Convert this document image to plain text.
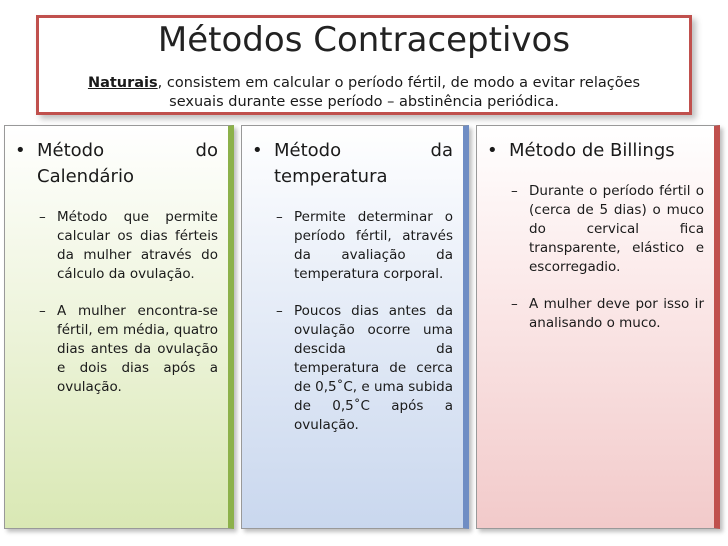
Métodos Contraceptivos
Naturais, consistem em calcular o período fértil, de modo a evitar relações sexuais durante esse período – abstinência periódica.
• Método do Calendário
– Método que permite calcular os dias férteis da mulher através do cálculo da ovulação.
– A mulher encontra-se fértil, em média, quatro dias antes da ovulação e dois dias após a ovulação.
• Método da temperatura
– Permite determinar o período fértil, através da avaliação da temperatura corporal.
– Poucos dias antes da ovulação ocorre uma descida da temperatura de cerca de 0,5˚C, e uma subida de 0,5˚C após a ovulação.
• Método de Billings
– Durante o período fértil o (cerca de 5 dias) o muco do cervical fica transparente, elástico e escorregadio.
– A mulher deve por isso ir analisando o muco.
